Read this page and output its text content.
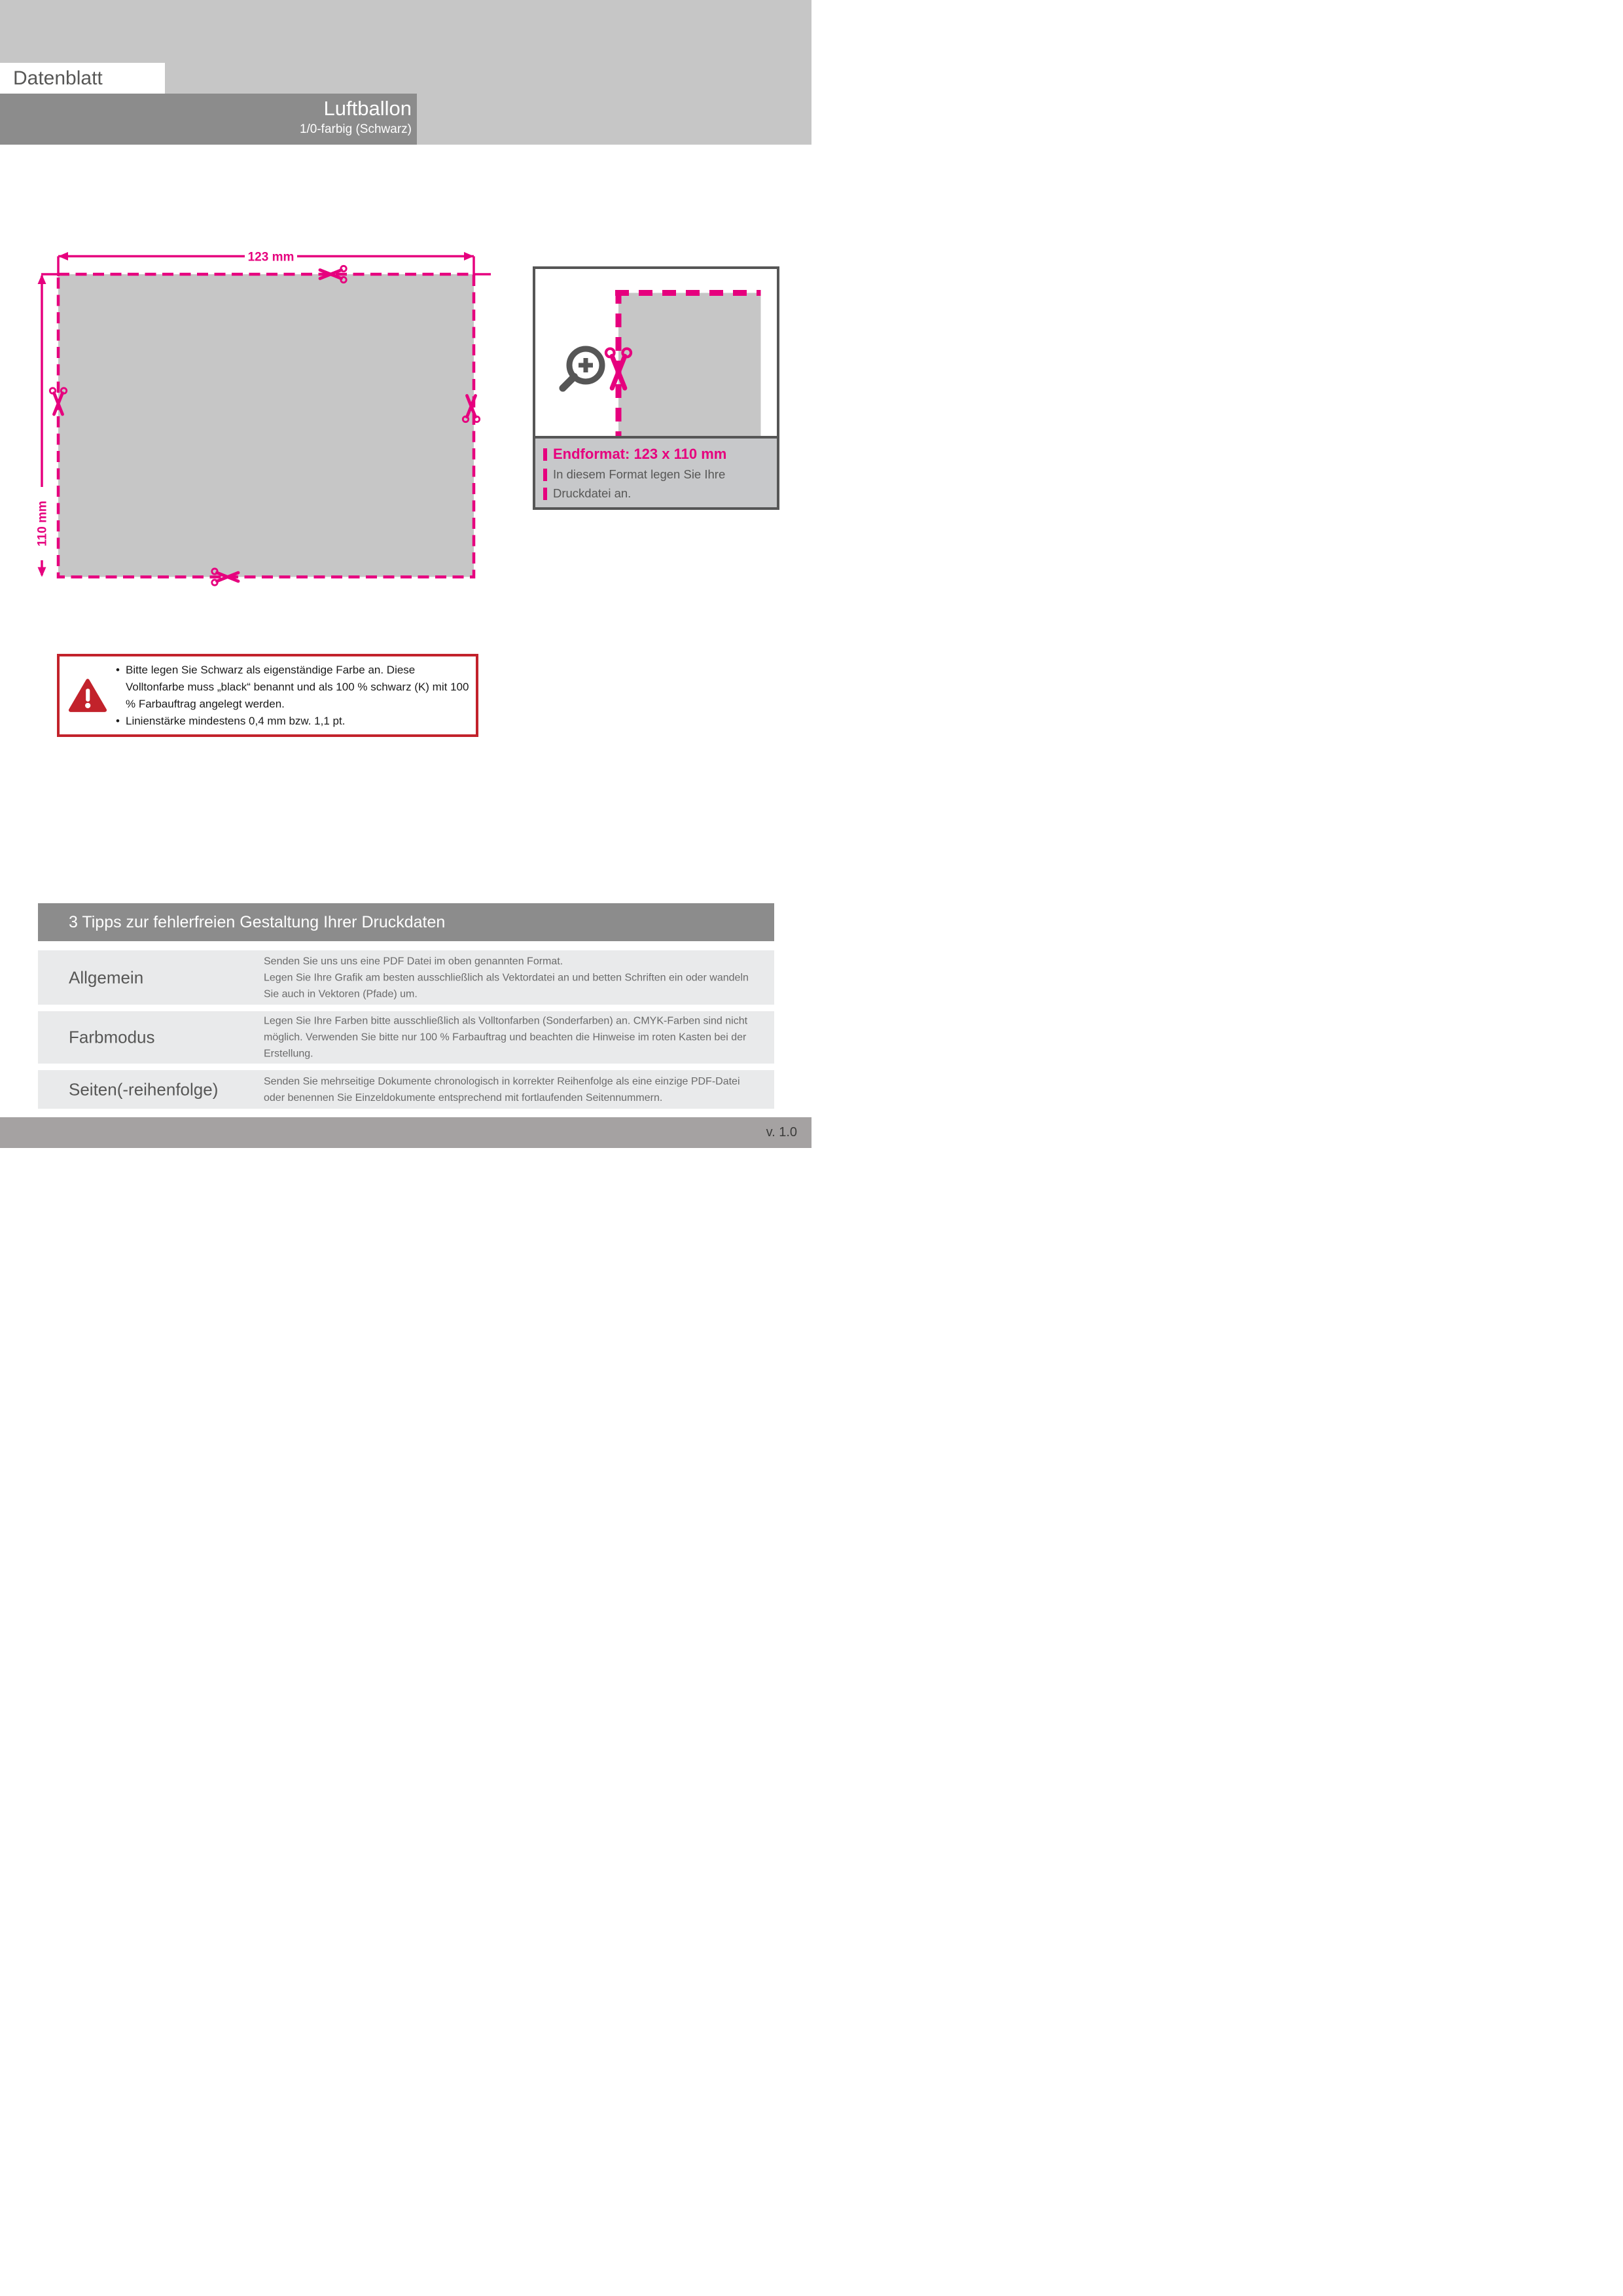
Datenblatt
Luftballon
1/0-farbig (Schwarz)
123 mm
110 mm
Endformat: 123 x 110 mm
In diesem Format legen Sie Ihre
Druckdatei an.
• Bitte legen Sie Schwarz als eigenständige Farbe an. Diese Volltonfarbe muss „black“ benannt und als 100 % schwarz (K) mit 100 % Farbauftrag angelegt werden.
• Linienstärke mindestens 0,4 mm bzw. 1,1 pt.
3 Tipps zur fehlerfreien Gestaltung Ihrer Druckdaten
Allgemein
Senden Sie uns uns eine PDF Datei im oben genannten Format.
Legen Sie Ihre Grafik am besten ausschließlich als Vektordatei an und betten Schriften ein oder wandeln Sie auch in Vektoren (Pfade) um.
Farbmodus
Legen Sie Ihre Farben bitte ausschließlich als Volltonfarben (Sonderfarben) an. CMYK-Farben sind nicht möglich. Verwenden Sie bitte nur 100 % Farbauftrag und beachten die Hinweise im roten Kasten bei der Erstellung.
Seiten(-reihenfolge)	Senden Sie mehrseitige Dokumente chronologisch in korrekter Reihenfolge als eine einzige PDF-Datei oder benennen Sie Einzeldokumente entsprechend mit fortlaufenden Seitennummern.
v. 1.0
